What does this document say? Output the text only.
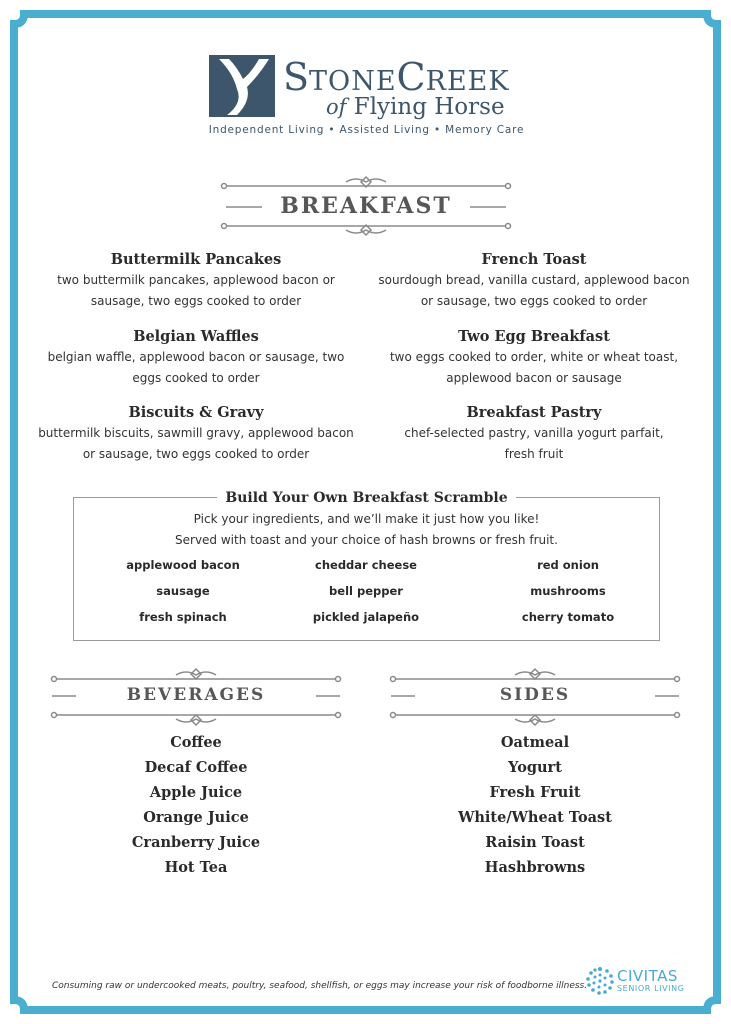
STONECREEK
of Flying Horse
Independent Living • Assisted Living • Memory Care
BREAKFAST
Buttermilk Pancakes
two buttermilk pancakes, applewood bacon or
sausage, two eggs cooked to order
French Toast
sourdough bread, vanilla custard, applewood bacon
or sausage, two eggs cooked to order
Belgian Waffles
belgian waffle, applewood bacon or sausage, two
eggs cooked to order
Two Egg Breakfast
two eggs cooked to order, white or wheat toast,
applewood bacon or sausage
Biscuits & Gravy
buttermilk biscuits, sawmill gravy, applewood bacon
or sausage, two eggs cooked to order
Breakfast Pastry
chef-selected pastry, vanilla yogurt parfait,
fresh fruit
Build Your Own Breakfast Scramble
Pick your ingredients, and we’ll make it just how you like!
Served with toast and your choice of hash browns or fresh fruit.
applewood bacon	cheddar cheese	red onion
sausage	bell pepper	mushrooms
fresh spinach	pickled jalapeño	cherry tomato
BEVERAGES	SIDES
Coffee
Decaf Coffee
Apple Juice
Orange Juice
Cranberry Juice
Hot Tea
Oatmeal
Yogurt
Fresh Fruit
White/Wheat Toast
Raisin Toast
Hashbrowns
Consuming raw or undercooked meats, poultry, seafood, shellfish, or eggs may increase your risk of foodborne illness.
CIVITAS
SENIOR LIVING
